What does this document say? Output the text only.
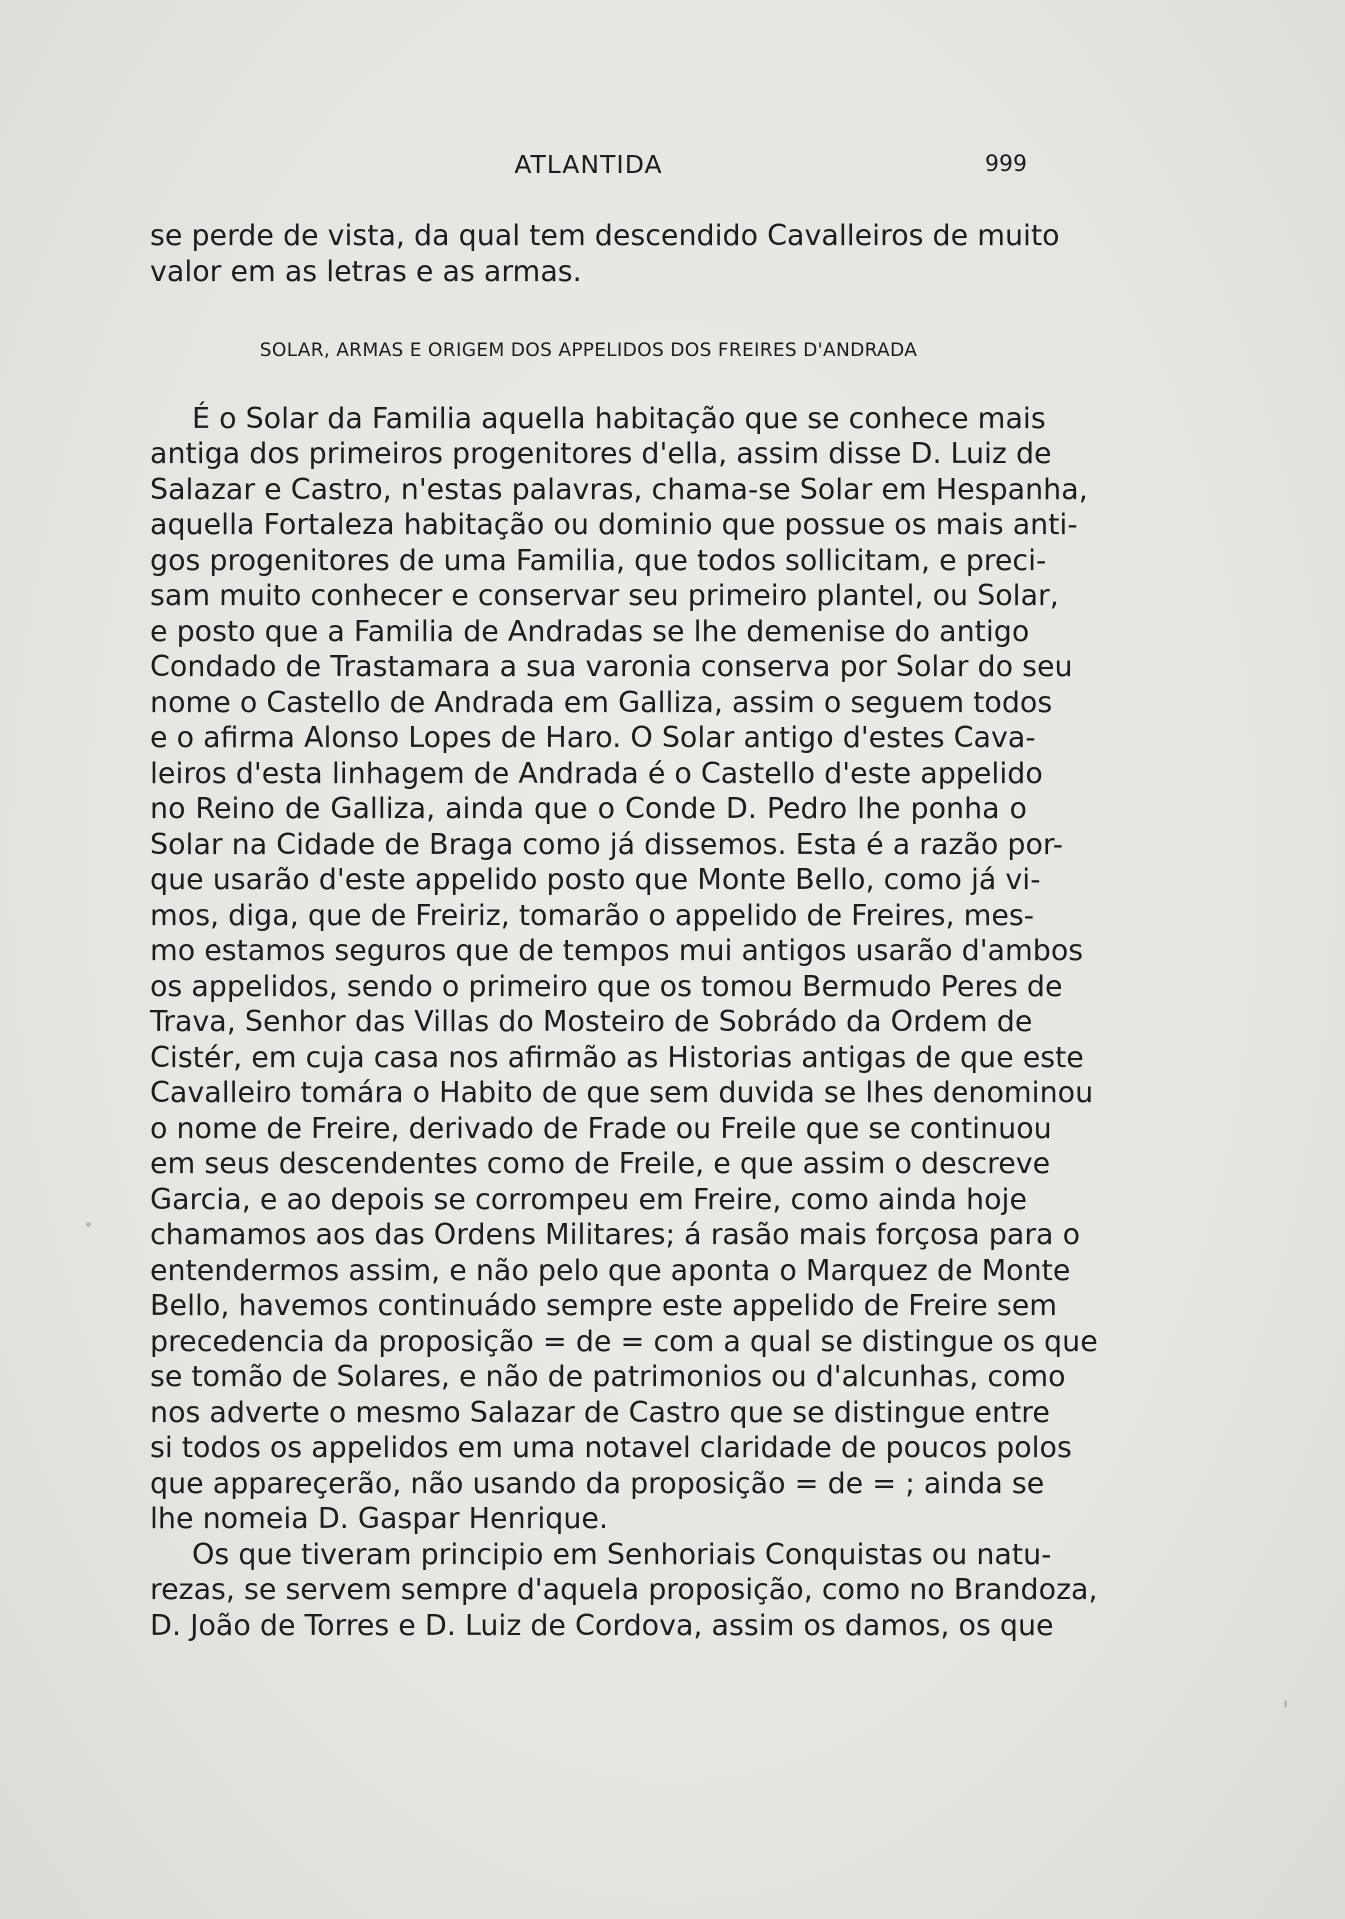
ATLANTIDA	999
se perde de vista, da qual tem descendido Cavalleiros de muito
valor em as letras e as armas.
SOLAR, ARMAS E ORIGEM DOS APPELIDOS DOS FREIRES D'ANDRADA
É o Solar da Familia aquella habitação que se conhece mais
antiga dos primeiros progenitores d'ella, assim disse D. Luiz de
Salazar e Castro, n'estas palavras, chama-se Solar em Hespanha,
aquella Fortaleza habitação ou dominio que possue os mais anti-
gos progenitores de uma Familia, que todos sollicitam, e preci-
sam muito conhecer e conservar seu primeiro plantel, ou Solar,
e posto que a Familia de Andradas se lhe demenise do antigo
Condado de Trastamara a sua varonia conserva por Solar do seu
nome o Castello de Andrada em Galliza, assim o seguem todos
e o afirma Alonso Lopes de Haro. O Solar antigo d'estes Cava-
leiros d'esta linhagem de Andrada é o Castello d'este appelido
no Reino de Galliza, ainda que o Conde D. Pedro lhe ponha o
Solar na Cidade de Braga como já dissemos. Esta é a razão por-
que usarão d'este appelido posto que Monte Bello, como já vi-
mos, diga, que de Freiriz, tomarão o appelido de Freires, mes-
mo estamos seguros que de tempos mui antigos usarão d'ambos
os appelidos, sendo o primeiro que os tomou Bermudo Peres de
Trava, Senhor das Villas do Mosteiro de Sobrádo da Ordem de
Cistér, em cuja casa nos afirmão as Historias antigas de que este
Cavalleiro tomára o Habito de que sem duvida se lhes denominou
o nome de Freire, derivado de Frade ou Freile que se continuou
em seus descendentes como de Freile, e que assim o descreve
Garcia, e ao depois se corrompeu em Freire, como ainda hoje
chamamos aos das Ordens Militares; á rasão mais forçosa para o
entendermos assim, e não pelo que aponta o Marquez de Monte
Bello, havemos continuádo sempre este appelido de Freire sem
precedencia da proposição = de = com a qual se distingue os que
se tomão de Solares, e não de patrimonios ou d'alcunhas, como
nos adverte o mesmo Salazar de Castro que se distingue entre
si todos os appelidos em uma notavel claridade de poucos polos
que appareçerão, não usando da proposição = de = ; ainda se
lhe nomeia D. Gaspar Henrique.
Os que tiveram principio em Senhoriais Conquistas ou natu-
rezas, se servem sempre d'aquela proposição, como no Brandoza,
D. João de Torres e D. Luiz de Cordova, assim os damos, os que
